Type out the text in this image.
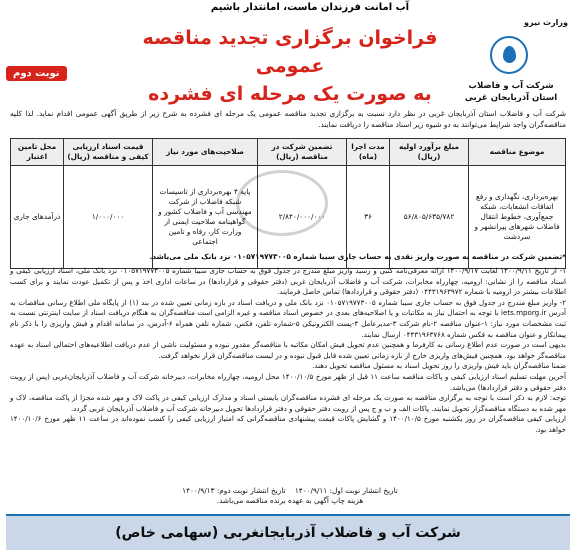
آب امانت فرزندان ماست، امانتدار باشیم
وزارت نیرو
شرکت آب و فاضلاب استان آذربایجان غربی
فراخوان برگزاری تجدید مناقصه عمومی
به صورت یک مرحله ای فشرده
نوبت دوم
شرکت آب و فاضلاب استان آذربایجان غربی در نظر دارد نسبت به برگزاری تجدید مناقصه عمومی یک مرحله ای فشرده به شرح زیر از طریق آگهی عمومی اقدام نماید. لذا کلیه مناقصه‌گران واجد شرایط می‌توانند به دو شیوه زیر اسناد مناقصه را دریافت نمایند.
موضوع مناقصه	مبلغ برآورد اولیه (ریال)	مدت اجرا (ماه)	تضمین شرکت در مناقصه (ریال)	صلاحیت‌های مورد نیاز	قیمت اسناد ارزیابی کیفی و مناقصه (ریال)	محل تامین اعتبار
بهره‌برداری، نگهداری و رفع اتفاقات انشعابات، شبکه جمع‌آوری، خطوط انتقال فاضلاب شهرهای پیرانشهر و سردشت	۵۶/۸۰۵/۶۳۵/۷۸۲	۳۶	۲/۸۴۰/۰۰۰/۰۰۰	پایه ۴ بهره‌برداری از تاسیسات شبکه فاضلاب از شرکت مهندسی آب و فاضلاب کشور و گواهینامه صلاحیت ایمنی از وزارت کار، رفاه و تامین اجتماعی	۱/۰۰۰/۰۰۰	درآمدهای جاری
*تضمین شرکت در مناقصه به صورت واریز نقدی به حساب جاری سیبا شماره ۰۱۰۵۷۱۹۷۷۳۰۰۵ نزد بانک ملی می‌باشد.

۱- از تاریخ ۱۴۰۰/۹/۱۱ لغایت ۱۴۰۰/۹/۱۷ ارائه معرفی‌نامه کتبی و رسید واریز مبلغ مندرج در جدول فوق به حساب جاری سیبا شماره ۰۱۰۵۷۱۹۷۷۳۰۰۵ نزد بانک ملی، اسناد ارزیابی کیفی و اسناد مناقصه را از نشانی: ارومیه، چهارراه مخابرات، شرکت آب و فاضلاب آذربایجان غربی (دفتر حقوقی و قراردادها) در ساعات اداری اخذ و پس از تکمیل عودت نمایند و برای کسب اطلاعات بیشتر در ارومیه با شماره ۰۴۴۳۱۹۶۳۹۷۲ (دفتر حقوقی و قراردادها) تماس حاصل فرمایند.

۲- واریز مبلغ مندرج در جدول فوق به حساب جاری سیبا شماره ۰۱۰۵۷۱۹۷۷۳۰۰۵ نزد بانک ملی و دریافت اسناد در بازه زمانی تعیین شده در بند (۱) از پایگاه ملی اطلاع رسانی مناقصات به آدرس iets.mporg.ir با توجه به احتمال نیاز به مکاتبات و یا اصلاحیه‌های بعدی در خصوص اسناد مناقصه و غیره الزامی است مناقصه‌گران به هنگام دریافت اسناد از سایت اینترنتی نسبت به ثبت مشخصات مورد نیاز: ۱-عنوان مناقصه ۲-نام شرکت ۳-مدیرعامل ۴-پست الکترونیکی ۵-شماره تلفن، فکس، شماره تلفن همراه ۶-آدرس، در سامانه اقدام و فیش واریزی را با ذکر نام پیمانکار و عنوان مناقصه به فکس شماره ۰۴۴۳۱۹۶۳۷۶۸ ارسال نمایند.

بدیهی است در صورت عدم اطلاع رسانی به کارفرما و همچنین عدم تحویل فیش امکان مکاتبه با مناقصه‌گر مقدور نبوده و مسئولیت ناشی از عدم دریافت اطلاعیه‌های احتمالی اسناد به عهده مناقصه‌گر خواهد بود. همچنین فیش‌های واریزی خارج از بازه زمانی تعیین شده قابل قبول نبوده و در لیست مناقصه‌گران قرار نخواهد گرفت.

ضمنا مناقصه‌گران باید فیش واریزی را روز تحویل اسناد به مسئول مناقصه تحویل دهند.

آخرین مهلت تسلیم اسناد ارزیابی کیفی و پاکات مناقصه ساعت ۱۱ قبل از ظهر مورخ ۱۴۰۰/۱۰/۵ محل ارومیه، چهارراه مخابرات، دبیرخانه شرکت آب و فاضلاب آذربایجان‌غربی (پس از رویت دفتر حقوقی و دفتر قراردادها) می‌باشد.

توجه: لازم به ذکر است با توجه به برگزاری مناقصه به صورت یک مرحله ای فشرده مناقصه‌گران بایستی اسناد و مدارک ارزیابی کیفی در پاکت لاک و مهر شده مجزا از پاکت مناقصه، لاک و مهر شده به دستگاه مناقصه‌گزار تحویل نمایند. پاکات الف و ب و ج پس از رویت دفتر حقوقی و دفتر قراردادها تحویل دبیرخانه شرکت آب و فاضلاب آذربایجان غربی گردد.

ارزیابی کیفی مناقصه‌گران در روز یکشنبه مورخ ۱۴۰۰/۱۰/۵ و گشایش پاکات قیمت پیشنهادی مناقصه‌گرانی که امتیاز ارزیابی کیفی را کسب نموده‌اند در ساعت ۱۱ ظهر مورخ ۱۴۰۰/۱۰/۶ خواهد بود.

تاریخ انتشار نوبت اول: ۱۴۰۰/۹/۱۱    تاریخ انتشار نوبت دوم: ۱۴۰۰/۹/۱۳
هزینه چاپ آگهی به عهده برنده مناقصه می‌باشد.
شرکت آب و فاضلاب آذربایجانغربی (سهامی خاص)
